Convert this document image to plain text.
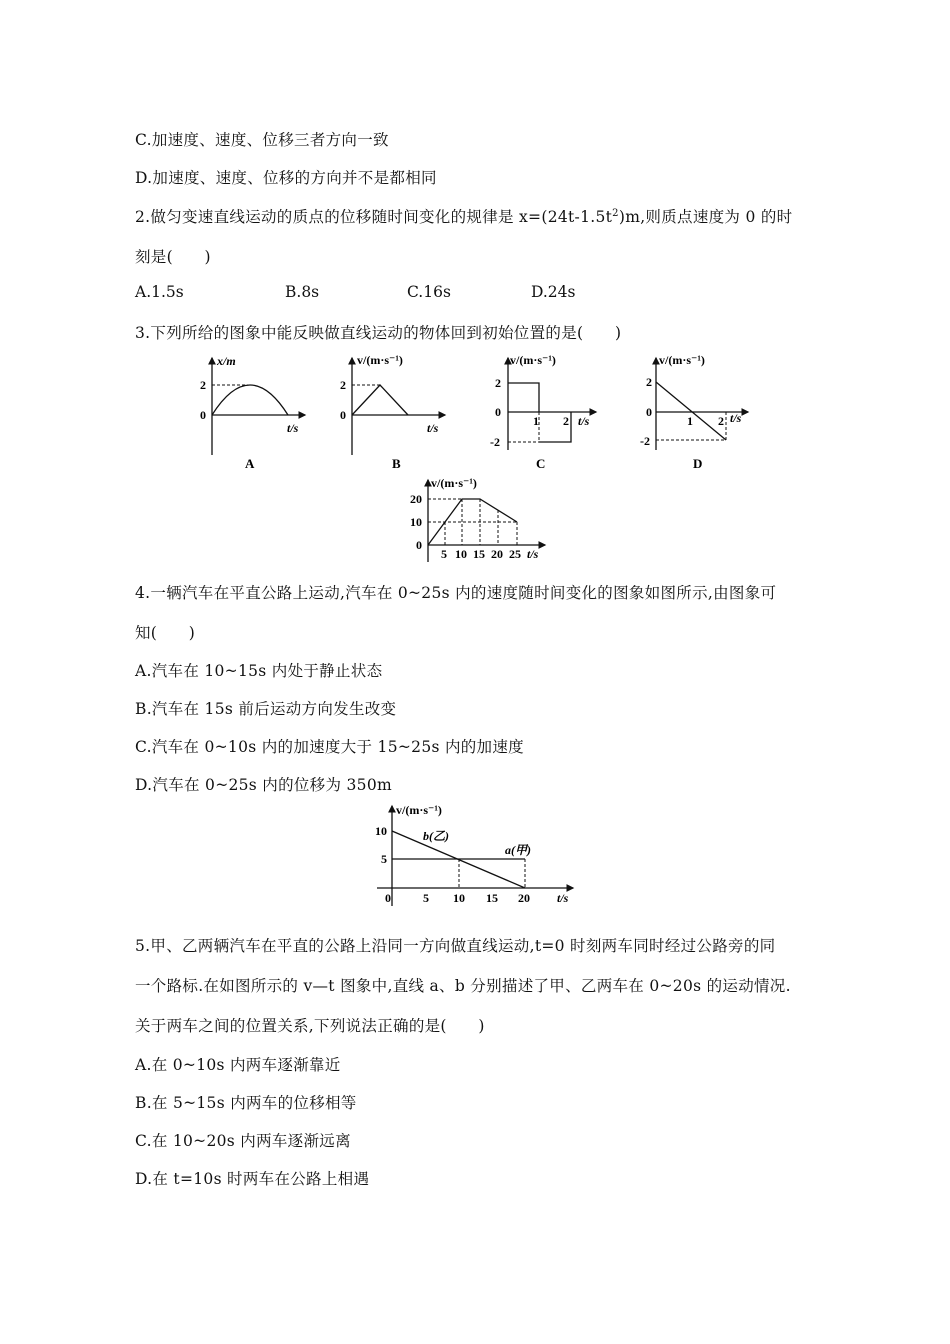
C.加速度、速度、位移三者方向一致
D.加速度、速度、位移的方向并不是都相同
2.做匀变速直线运动的质点的位移随时间变化的规律是 $x=(24t-1.5t^2)m$,则质点速度为 0 的时
刻是(　　)
A.1.5s	B.8s	C.16s	D.24s
3.下列所给的图象中能反映做直线运动的物体回到初始位置的是(　　)
x/m
2
0
t/s
A
v/(m·s⁻¹)
2
0
t/s
B
v/(m·s⁻¹)
2
0
-2
1 2 t/s
C
v/(m·s⁻¹)
2
0
-2
1 2 t/s
D
v/(m·s⁻¹)
20
10
0
5 10 15 20 25 t/s
4.一辆汽车在平直公路上运动,汽车在 0~25s 内的速度随时间变化的图象如图所示,由图象可
知(　　)
A.汽车在 10~15s 内处于静止状态
B.汽车在 15s 前后运动方向发生改变
C.汽车在 0~10s 内的加速度大于 15~25s 内的加速度
D.汽车在 0~25s 内的位移为 350m
v/(m·s⁻¹)
10
5
0	5 10 15 20 t/s
b(乙)
a(甲)
5.甲、乙两辆汽车在平直的公路上沿同一方向做直线运动,t=0 时刻两车同时经过公路旁的同
一个路标.在如图所示的 v—t 图象中,直线 a、b 分别描述了甲、乙两车在 0~20s 的运动情况.
关于两车之间的位置关系,下列说法正确的是(　　)
A.在 0~10s 内两车逐渐靠近
B.在 5~15s 内两车的位移相等
C.在 10~20s 内两车逐渐远离
D.在 t=10s 时两车在公路上相遇
